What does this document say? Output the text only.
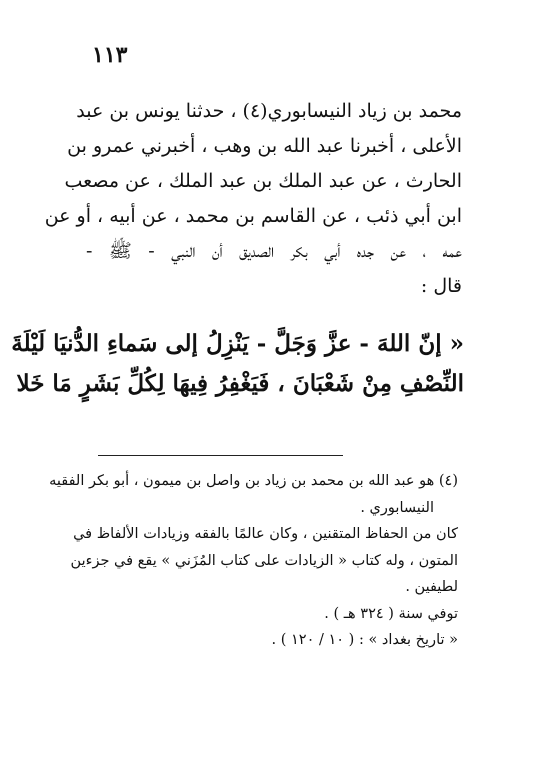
١١٣
محمد بن زياد النيسابوري(٤) ، حدثنا يونس بن عبد
الأعلى ، أخبرنا عبد الله بن وهب ، أخبرني عمرو بن
الحارث ، عن عبد الملك بن عبد الملك ، عن مصعب
ابن أبي ذئب ، عن القاسم بن محمد ، عن أبيه ، أو عن
عمه ، عن جده أبي بكر الصديق أن النبي - ﷺ -
قال :
« إنّ اللهَ - عزَّ وَجَلَّ - يَنْزِلُ إلى سَماءِ الدُّنيَا لَيْلَةَ
النِّصْفِ مِنْ شَعْبَانَ ، فَيَغْفِرُ فِيهَا لِكُلِّ بَشَرٍ مَا خَلا
(٤) هو عبد الله بن محمد بن زياد بن واصل بن ميمون ، أبو بكر الفقيه
النيسابوري .
كان من الحفاظ المتقنين ، وكان عالمًا بالفقه وزيادات الألفاظ في
المتون ، وله كتاب « الزيادات على كتاب المُزَني » يقع في جزءين
لطيفين .
توفي سنة ( ٣٢٤ هـ ) .
« تاريخ بغداد » : ( ١٠ / ١٢٠ ) .
